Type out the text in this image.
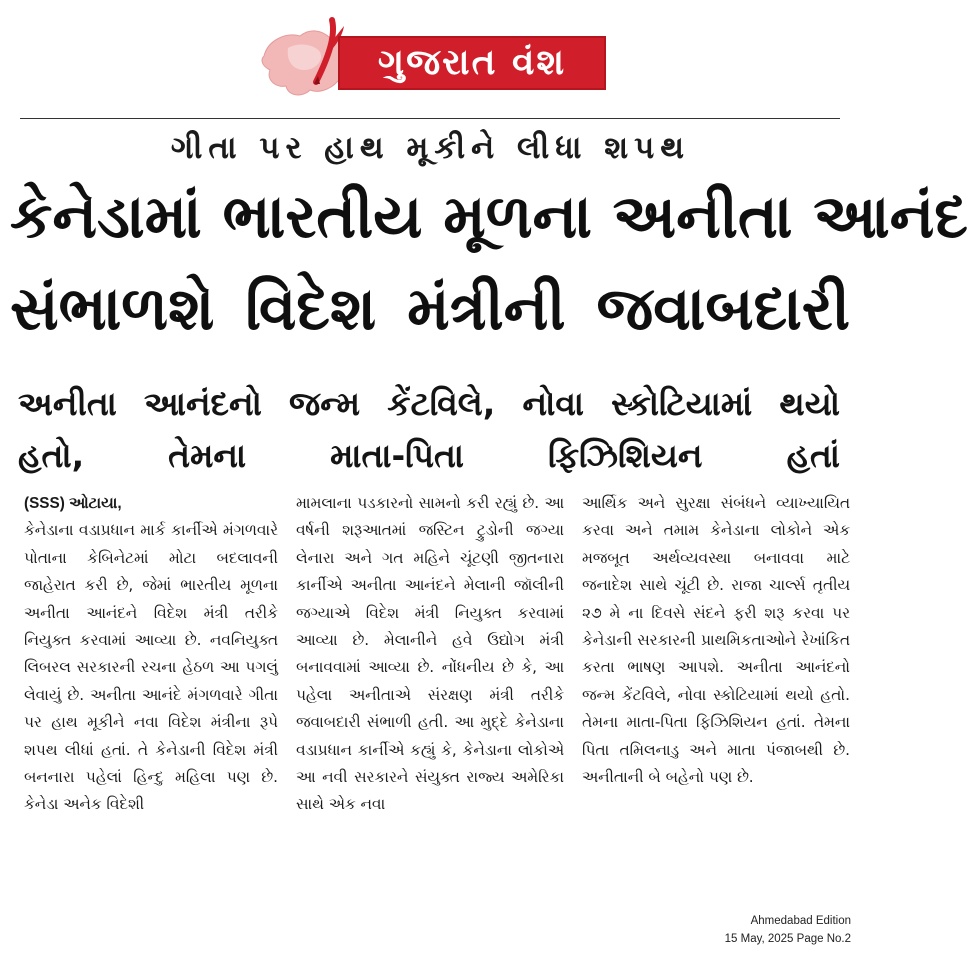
ગુજરાત વંશ
ગીતા પર હાથ મૂકીને લીધા શપથ
કેનેડામાં ભારતીય મૂળના અનીતા આનંદ
સંભાળશે વિદેશ મંત્રીની જવાબદારી
અનીતા આનંદનો જન્મ કેંટવિલે, નોવા સ્કોટિયામાં થયો
હતો, તેમના માતા-પિતા ફિઝિશિયન હતાં

(SSS) ઓટાયા,

કેનેડાના વડાપ્રધાન માર્ક કાર્નીએ મંગળવારે પોતાના કેબિનેટમાં મોટા બદલાવની જાહેરાત કરી છે, જેમાં ભારતીય મૂળના અનીતા આનંદને વિદેશ મંત્રી તરીકે નિયુક્ત કરવામાં આવ્યા છે. નવનિયુક્ત લિબરલ સરકારની રચના હેઠળ આ પગલું લેવાયું છે. અનીતા આનંદે મંગળવારે ગીતા પર હાથ મૂકીને નવા વિદેશ મંત્રીના રૂપે શપથ લીધાં હતાં. તે કેનેડાની વિદેશ મંત્રી બનનારા પહેલાં હિન્દુ મહિલા પણ છે. કેનેડા અનેક વિદેશી

મામલાના પડકારનો સામનો કરી રહ્યું છે. આ વર્ષની શરૂઆતમાં જસ્ટિન ટ્રુડોની જગ્યા લેનારા અને ગત મહિને ચૂંટણી જીતનારા કાર્નીએ અનીતા આનંદને મેલાની જૉલીની જગ્યાએ વિદેશ મંત્રી નિયુક્ત કરવામાં આવ્યા છે. મેલાનીને હવે ઉદ્યોગ મંત્રી બનાવવામાં આવ્યા છે. નોંધનીય છે કે, આ પહેલા અનીતાએ સંરક્ષણ મંત્રી તરીકે જવાબદારી સંભાળી હતી. આ મુદ્દે કેનેડાના વડાપ્રધાન કાર્નીએ કહ્યું કે, કેનેડાના લોકોએ આ નવી સરકારને સંયુક્ત રાજ્ય અમેરિકા સાથે એક નવા

આર્થિક અને સુરક્ષા સંબંધને વ્યાખ્યાયિત કરવા અને તમામ કેનેડાના લોકોને એક મજબૂત અર્થવ્યવસ્થા બનાવવા માટે જનાદેશ સાથે ચૂંટી છે. રાજા ચાર્લ્સ તૃતીય ૨૭ મે ના દિવસે સંદને ફરી શરૂ કરવા પર કેનેડાની સરકારની પ્રાથમિકતાઓને રેખાંકિત કરતા ભાષણ આપશે. અનીતા આનંદનો જન્મ કેંટવિલે, નોવા સ્કોટિયામાં થયો હતો. તેમના માતા-પિતા ફિઝિશિયન હતાં. તેમના પિતા તમિલનાડુ અને માતા પંજાબથી છે. અનીતાની બે બહેનો પણ છે.

Ahmedabad Edition
15 May, 2025 Page No.2
